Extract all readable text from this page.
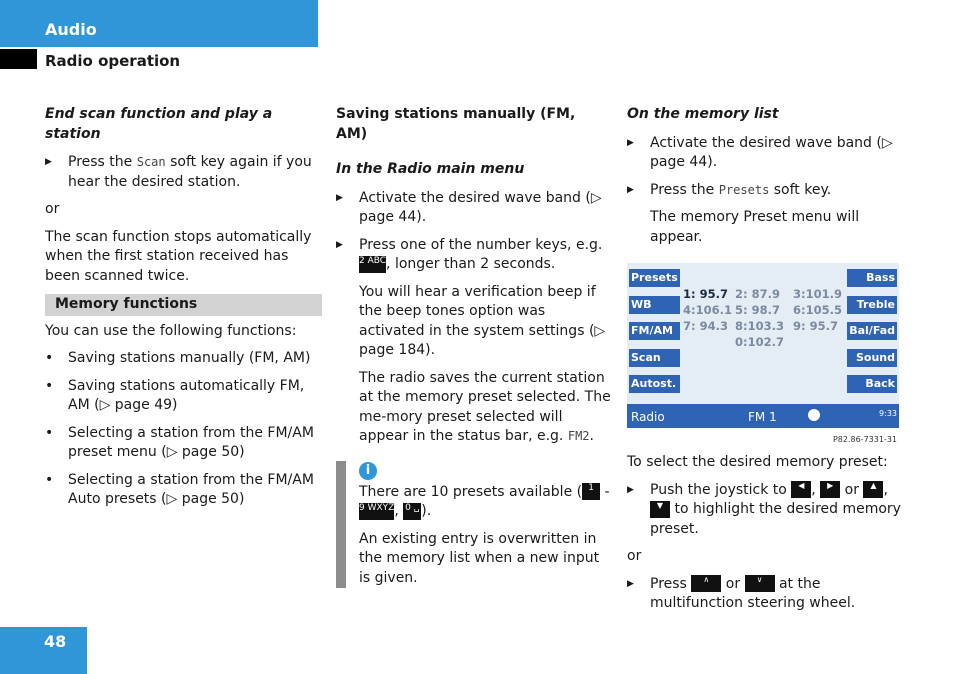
Audio
Radio operation
End scan function and play a station
▶ Press the Scan soft key again if you hear the desired station.

or

The scan function stops automatically when the first station received has been scanned twice.

Memory functions

You can use the following functions:

• Saving stations manually (FM, AM)
• Saving stations automatically FM, AM (▷ page 49)
• Selecting a station from the FM/AM preset menu (▷ page 50)
• Selecting a station from the FM/AM Auto presets (▷ page 50)
Saving stations manually (FM, AM)
In the Radio main menu
▶ Activate the desired wave band (▷ page 44).
▶ Press one of the number keys, e.g. 2 ABC, longer than 2 seconds.

You will hear a verification beep if the beep tones option was activated in the system settings (▷ page 184).

The radio saves the current station at the memory preset selected. The me-mory preset selected will appear in the status bar, e.g. FM2.

i

There are 10 presets available ( 1 - 9 WXYZ, 0 ␣ ).

An existing entry is overwritten in the memory list when a new input is given.

On the memory list
▶ Activate the desired wave band (▷ page 44).
▶ Press the Presets soft key.

The memory Preset menu will appear.

Presets
WB
FM/AM
Scan
Autost.
Bass
Treble
Bal/Fad
Sound
Back
1: 95.7 2: 87.9 3:101.9
4:106.1 5: 98.7 6:105.5
7: 94.3 8:103.3 9: 95.7
0:102.7
Radio	FM 1	9:33
P82.86-7331-31

To select the desired memory preset:

▶ Push the joystick to ◀ , ▶ or ▲ , ▼ to highlight the desired memory preset.

or

▶ Press ∧ or ∨ at the multifunction steering wheel.
48
